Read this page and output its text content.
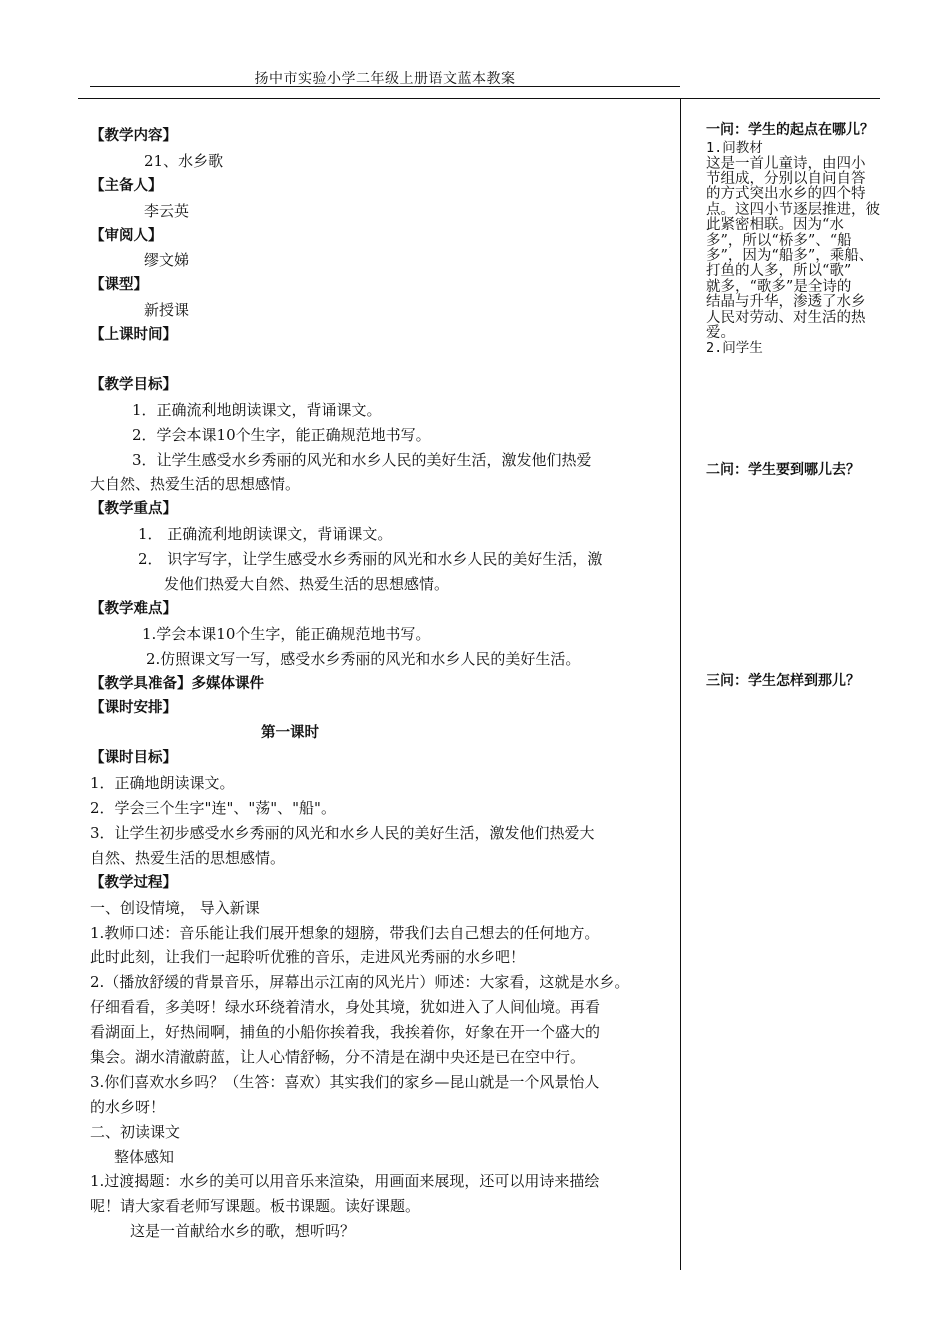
扬中市实验小学二年级上册语文蓝本教案
【教学内容】
21、水乡歌
【主备人】
李云英
【审阅人】
缪文娣
【课型】
新授课
【上课时间】
【教学目标】
1．正确流利地朗读课文，背诵课文。
2．学会本课10个生字，能正确规范地书写。
3．让学生感受水乡秀丽的风光和水乡人民的美好生活，激发他们热爱
大自然、热爱生活的思想感情。
【教学重点】
1． 正确流利地朗读课文，背诵课文。
2． 识字写字，让学生感受水乡秀丽的风光和水乡人民的美好生活，激
发他们热爱大自然、热爱生活的思想感情。
【教学难点】
1.学会本课10个生字，能正确规范地书写。
2.仿照课文写一写，感受水乡秀丽的风光和水乡人民的美好生活。
【教学具准备】多媒体课件
【课时安排】
第一课时
【课时目标】
1．正确地朗读课文。
2．学会三个生字"连"、"荡"、"船"。
3．让学生初步感受水乡秀丽的风光和水乡人民的美好生活，激发他们热爱大
自然、热爱生活的思想感情。
【教学过程】
一、创设情境， 导入新课
1.教师口述：音乐能让我们展开想象的翅膀，带我们去自己想去的任何地方。
此时此刻，让我们一起聆听优雅的音乐，走进风光秀丽的水乡吧！
2.（播放舒缓的背景音乐，屏幕出示江南的风光片）师述：大家看，这就是水乡。
仔细看看，多美呀！绿水环绕着清水，身处其境，犹如进入了人间仙境。再看
看湖面上，好热闹啊，捕鱼的小船你挨着我，我挨着你，好象在开一个盛大的
集会。湖水清澈蔚蓝，让人心情舒畅，分不清是在湖中央还是已在空中行。
3.你们喜欢水乡吗？（生答：喜欢）其实我们的家乡—昆山就是一个风景怡人
的水乡呀！
二、初读课文
整体感知
1.过渡揭题：水乡的美可以用音乐来渲染，用画面来展现，还可以用诗来描绘
呢！请大家看老师写课题。板书课题。读好课题。
这是一首献给水乡的歌，想听吗？
一问：学生的起点在哪儿？
1.问教材
这是一首儿童诗，由四小
节组成，分别以自问自答
的方式突出水乡的四个特
点。这四小节逐层推进，彼
此紧密相联。因为“水
多”，所以“桥多”、“船
多”，因为“船多”，乘船、
打鱼的人多，所以“歌”
就多，“歌多”是全诗的
结晶与升华，渗透了水乡
人民对劳动、对生活的热
爱。
2.问学生
二问：学生要到哪儿去？
三问：学生怎样到那儿？
